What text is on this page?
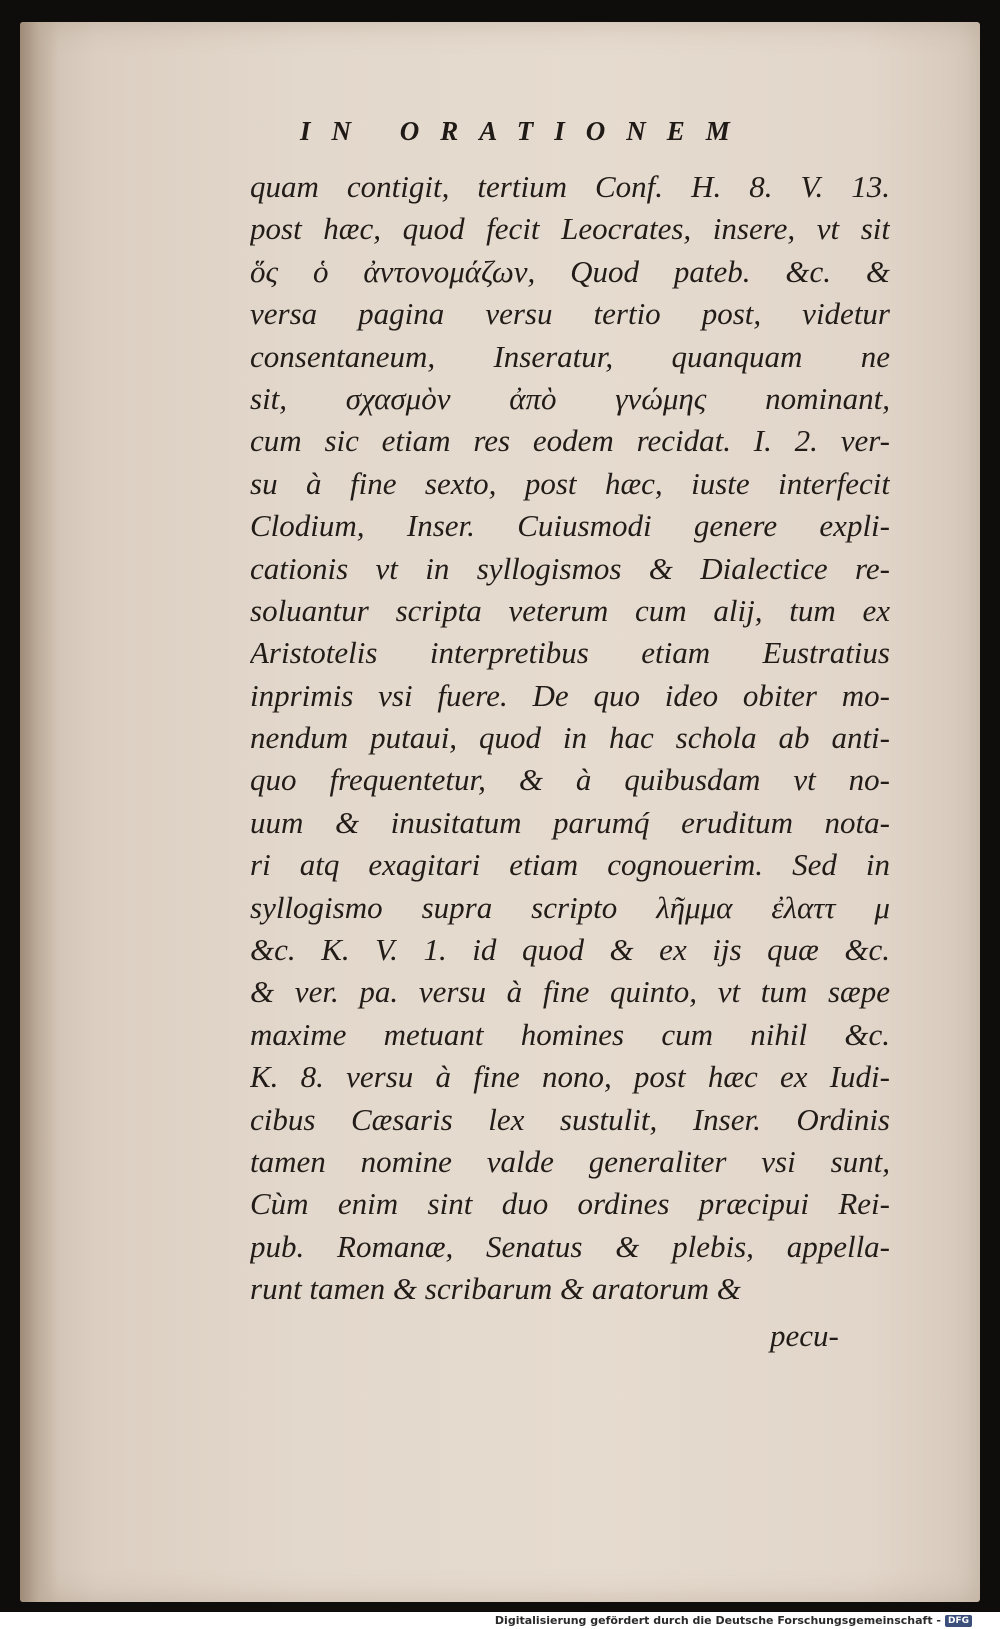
IN ORATIONEM
quam contigit, tertium Conf. H. 8. V. 13.
post hæc, quod fecit Leocrates, insere, vt sit
ὅς ὁ ἀντονομάζων, Quod pateb. &c. &
versa pagina versu tertio post, videtur
consentaneum, Inseratur, quanquam ne
sit, σχασμὸν ἀπὸ γνώμης nominant,
cum sic etiam res eodem recidat. I. 2. ver-
su à fine sexto, post hæc, iuste interfecit
Clodium, Inser. Cuiusmodi genere expli-
cationis vt in syllogismos & Dialectice re-
soluantur scripta veterum cum alij, tum ex
Aristotelis interpretibus etiam Eustratius
inprimis vsi fuere. De quo ideo obiter mo-
nendum putaui, quod in hac schola ab anti-
quo frequentetur, & à quibusdam vt no-
uum & inusitatum parumq́ eruditum nota-
ri atq exagitari etiam cognouerim. Sed in
syllogismo supra scripto λῆμμα ἐλαττ μ
&c. K. V. 1. id quod & ex ijs quæ &c.
& ver. pa. versu à fine quinto, vt tum sæpe
maxime metuant homines cum nihil &c.
K. 8. versu à fine nono, post hæc ex Iudi-
cibus Cæsaris lex sustulit, Inser. Ordinis
tamen nomine valde generaliter vsi sunt,
Cùm enim sint duo ordines præcipui Rei-
pub. Romanæ, Senatus & plebis, appella-
runt tamen & scribarum & aratorum &
pecu-
Digitalisierung gefördert durch die Deutsche Forschungsgemeinschaft - DFG
